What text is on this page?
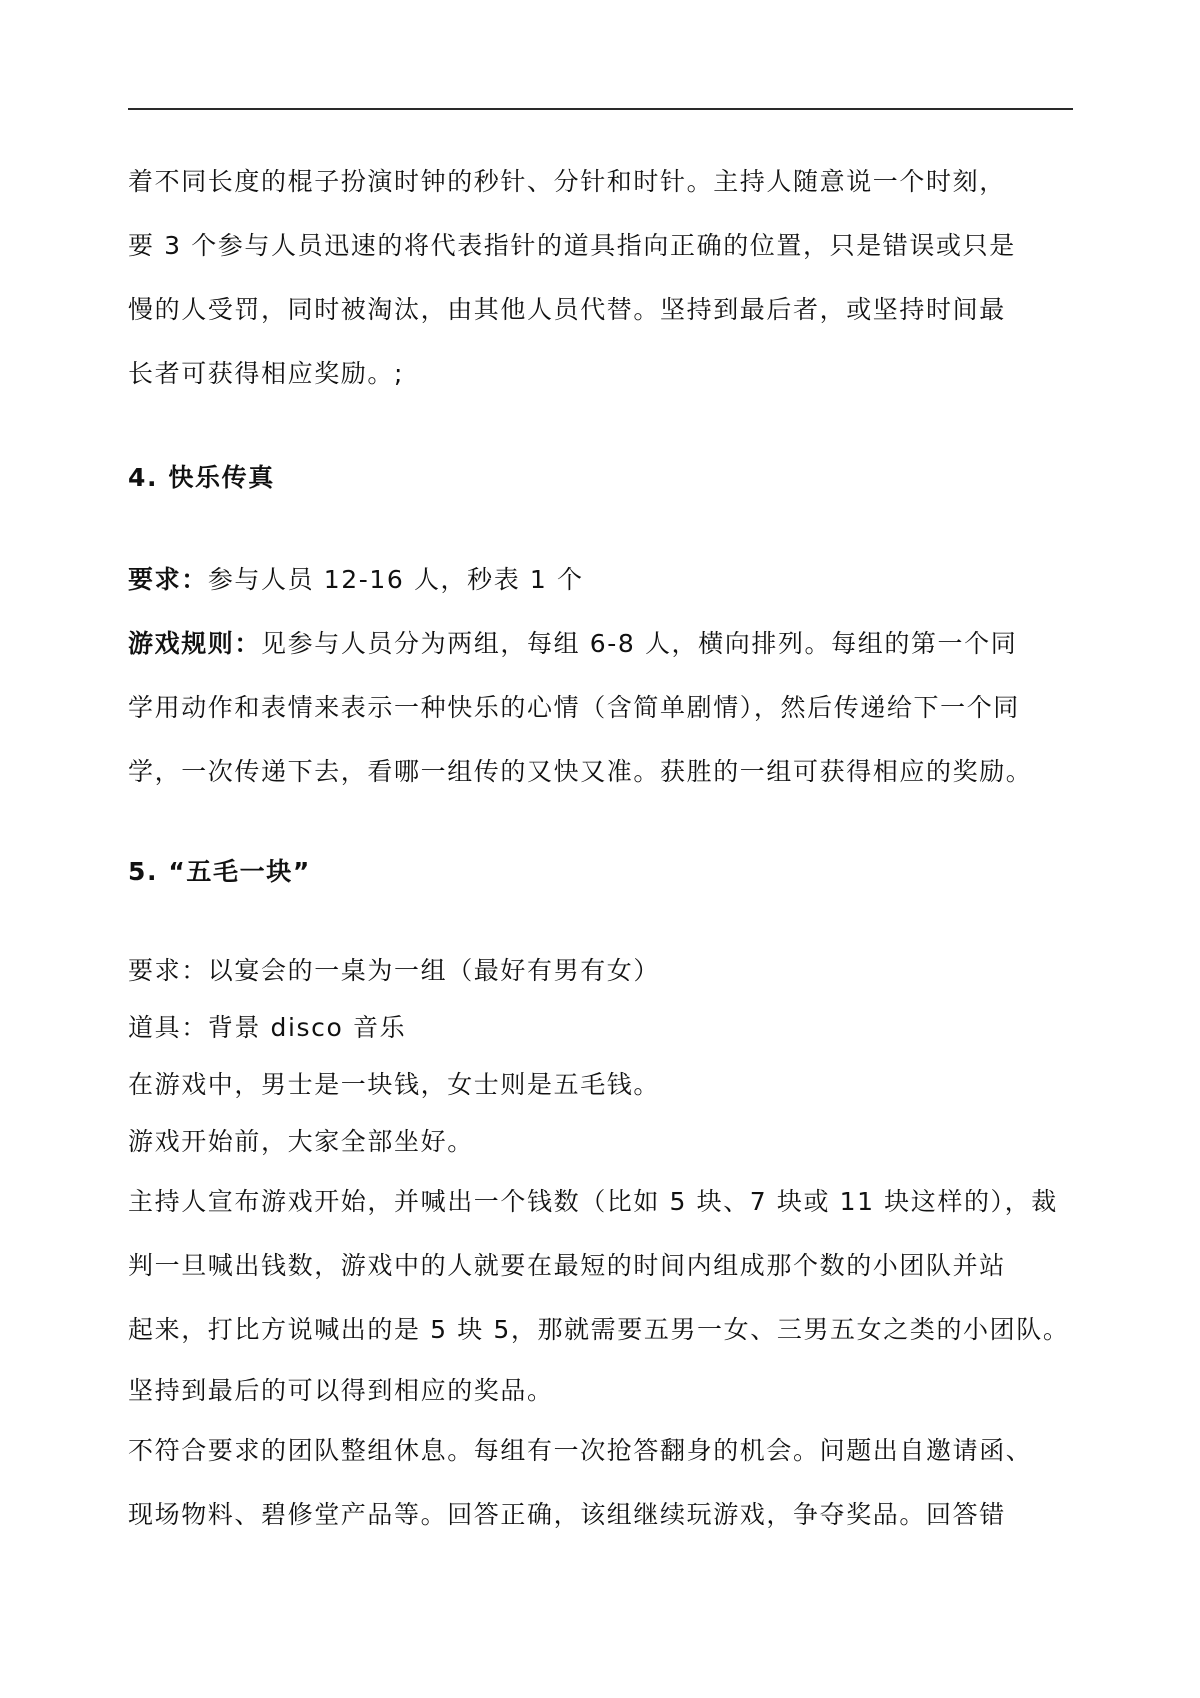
着不同长度的棍子扮演时钟的秒针、分针和时针。主持人随意说一个时刻，

要 3 个参与人员迅速的将代表指针的道具指向正确的位置，只是错误或只是

慢的人受罚，同时被淘汰，由其他人员代替。坚持到最后者，或坚持时间最

长者可获得相应奖励。;

4. 快乐传真

要求：参与人员 12-16 人，秒表 1 个

游戏规则：见参与人员分为两组，每组 6-8 人，横向排列。每组的第一个同

学用动作和表情来表示一种快乐的心情（含简单剧情），然后传递给下一个同

学，一次传递下去，看哪一组传的又快又准。获胜的一组可获得相应的奖励。

5. “五毛一块”

要求：以宴会的一桌为一组（最好有男有女）

道具：背景 disco 音乐

在游戏中，男士是一块钱，女士则是五毛钱。

游戏开始前，大家全部坐好。

主持人宣布游戏开始，并喊出一个钱数（比如 5 块、7 块或 11 块这样的），裁

判一旦喊出钱数，游戏中的人就要在最短的时间内组成那个数的小团队并站

起来，打比方说喊出的是 5 块 5，那就需要五男一女、三男五女之类的小团队。

坚持到最后的可以得到相应的奖品。

不符合要求的团队整组休息。每组有一次抢答翻身的机会。问题出自邀请函、

现场物料、碧修堂产品等。回答正确，该组继续玩游戏，争夺奖品。回答错
